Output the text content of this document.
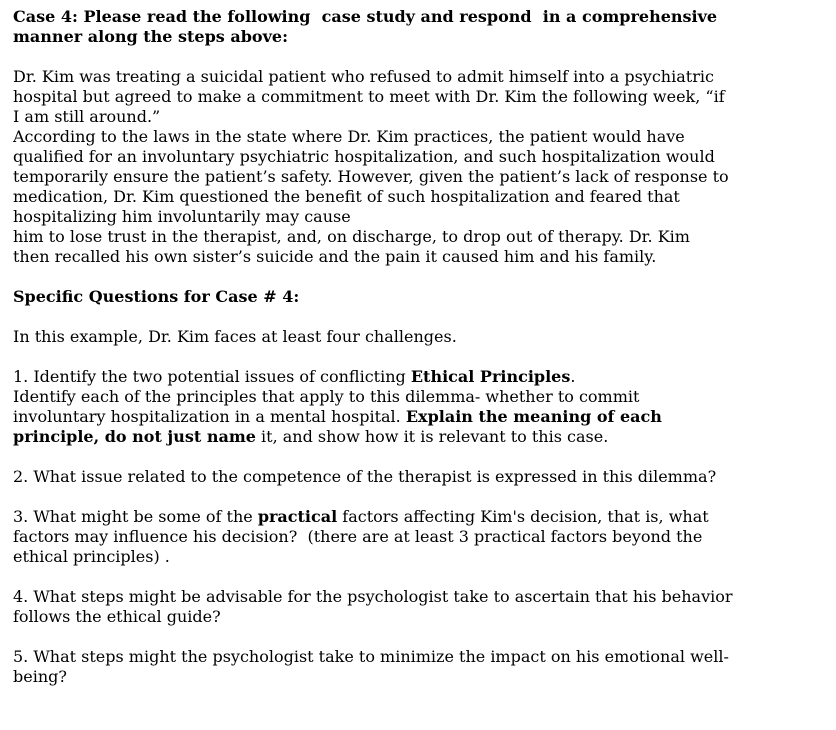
Case 4: Please read the following  case study and respond  in a comprehensive
manner along the steps above:
Dr. Kim was treating a suicidal patient who refused to admit himself into a psychiatric
hospital but agreed to make a commitment to meet with Dr. Kim the following week, “if
I am still around.”
According to the laws in the state where Dr. Kim practices, the patient would have
qualified for an involuntary psychiatric hospitalization, and such hospitalization would
temporarily ensure the patient’s safety. However, given the patient’s lack of response to
medication, Dr. Kim questioned the benefit of such hospitalization and feared that
hospitalizing him involuntarily may cause
him to lose trust in the therapist, and, on discharge, to drop out of therapy. Dr. Kim
then recalled his own sister’s suicide and the pain it caused him and his family.
Specific Questions for Case # 4:
In this example, Dr. Kim faces at least four challenges.
1. Identify the two potential issues of conflicting Ethical Principles.
Identify each of the principles that apply to this dilemma- whether to commit
involuntary hospitalization in a mental hospital. Explain the meaning of each
principle, do not just name it, and show how it is relevant to this case.
2. What issue related to the competence of the therapist is expressed in this dilemma?
3. What might be some of the practical factors affecting Kim's decision, that is, what
factors may influence his decision?  (there are at least 3 practical factors beyond the
ethical principles) .
4. What steps might be advisable for the psychologist take to ascertain that his behavior
follows the ethical guide?
5. What steps might the psychologist take to minimize the impact on his emotional well-
being?
